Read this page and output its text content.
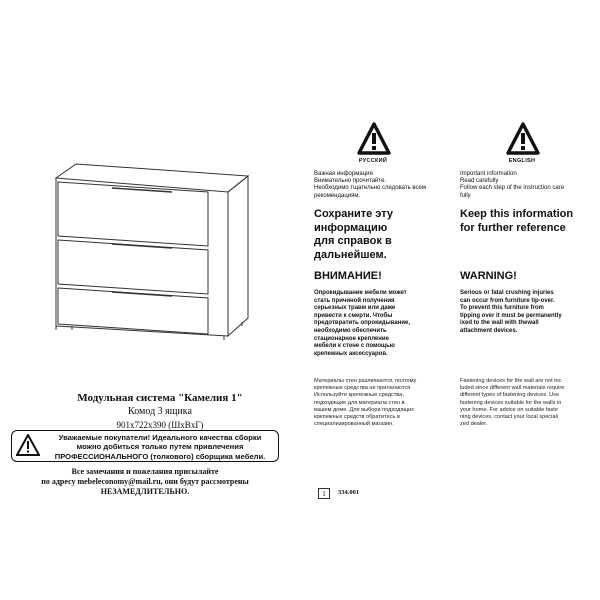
Модульная система "Камелия 1"
Комод 3 ящика
901x722x390 (ШxВxГ)
Уважаемые покупатели! Идеального качества сборки
можно добиться только путем привлечения
ПРОФЕССИОНАЛЬНОГО (толкового) сборщика мебели.
Все замечания и пожелания присылайте
по адресу mebeleconomy@mail.ru, они будут рассмотрены
НЕЗАМЕДЛИТЕЛЬНО.
РУССКИЙ
Важная информация
Внимательно прочитайте.
Необходимо тщательно следовать всем
рекомендациям.
Сохраните эту
информацию
для справок в
дальнейшем.
ВНИМАНИЕ!
Опрокидывание мебели может
стать причиной получения
серьезных травм или даже
привести к смерти. Чтобы
предотвратить опрокидывание,
необходимо обеспечить
стационарное крепление
мебели к стене с помощью
крепежных аксессуаров.
Материалы стен различаются, поэтому
крепежные средства не прилагаются.
Используйте крепежные средства,
подходящие для материала стен в
вашем доме. Для выбора подходящих
крепежных средств обратитесь в
специализированный магазин.
ENGLISH
Important information
Read carefully
Follow each step of the instruction care
fully
Keep this information
for further reference
WARNING!
Serious or fatal crushing injuries
can occur from furniture tip-over.
To prevent this furniture from
tipping over it must be permanently
ixed to the wall with thewall
attachment devices.
Fastening devices for the wall are not inc
luded since different wall materials require
different types of fastening devices. Use
fastening devices suitable for the walls in
your home. For advice on suitable faste
ning devices, contact your local speciali
zed dealer.
1	334.001
